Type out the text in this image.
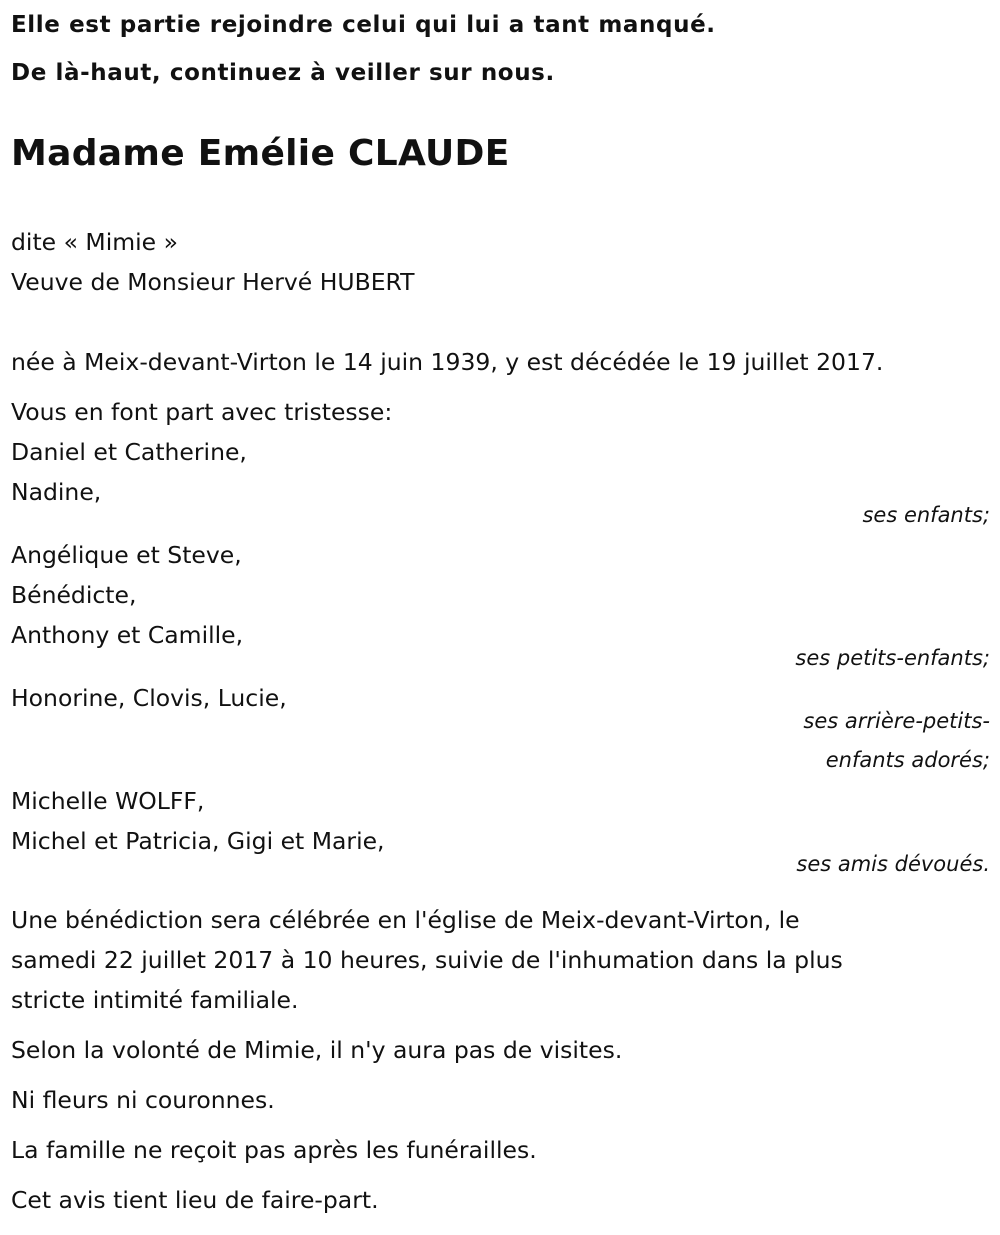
Elle est partie rejoindre celui qui lui a tant manqué.

De là-haut, continuez à veiller sur nous.

Madame Emélie CLAUDE

dite « Mimie »

Veuve de Monsieur Hervé HUBERT

née à Meix-devant-Virton le 14 juin 1939, y est décédée le 19 juillet 2017.

Vous en font part avec tristesse:

Daniel et Catherine,

Nadine,

ses enfants;

Angélique et Steve,

Bénédicte,

Anthony et Camille,

ses petits-enfants;

Honorine, Clovis, Lucie,

ses arrière-petits-

enfants adorés;

Michelle WOLFF,

Michel et Patricia, Gigi et Marie,

ses amis dévoués.

Une bénédiction sera célébrée en l'église de Meix-devant-Virton, le

samedi 22 juillet 2017 à 10 heures, suivie de l'inhumation dans la plus

stricte intimité familiale.

Selon la volonté de Mimie, il n'y aura pas de visites.

Ni fleurs ni couronnes.

La famille ne reçoit pas après les funérailles.

Cet avis tient lieu de faire-part.
